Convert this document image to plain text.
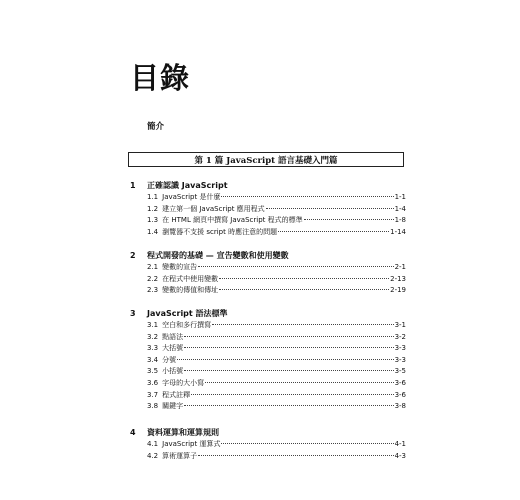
目錄
簡介
第 1 篇 JavaScript 語言基礎入門篇
1	正確認識 JavaScript
1.1 JavaScript 是什麼	1-1
1.2 建立第一個 JavaScript 應用程式	1-4
1.3 在 HTML 網頁中撰寫 JavaScript 程式的標準	1-8
1.4 瀏覽器不支援 script 時應注意的問題	1-14
2	程式開發的基礎 — 宣告變數和使用變數
2.1 變數的宣告	2-1
2.2 在程式中使用變數	2-13
2.3 變數的傳值和傳址	2-19
3	JavaScript 語法標準
3.1 空白和多行撰寫	3-1
3.2 點語法	3-2
3.3 大括號	3-3
3.4 分號	3-3
3.5 小括號	3-5
3.6 字母的大小寫	3-6
3.7 程式註釋	3-6
3.8 關鍵字	3-8
4	資料運算和運算規則
4.1 JavaScript 運算式	4-1
4.2 算術運算子	4-3
